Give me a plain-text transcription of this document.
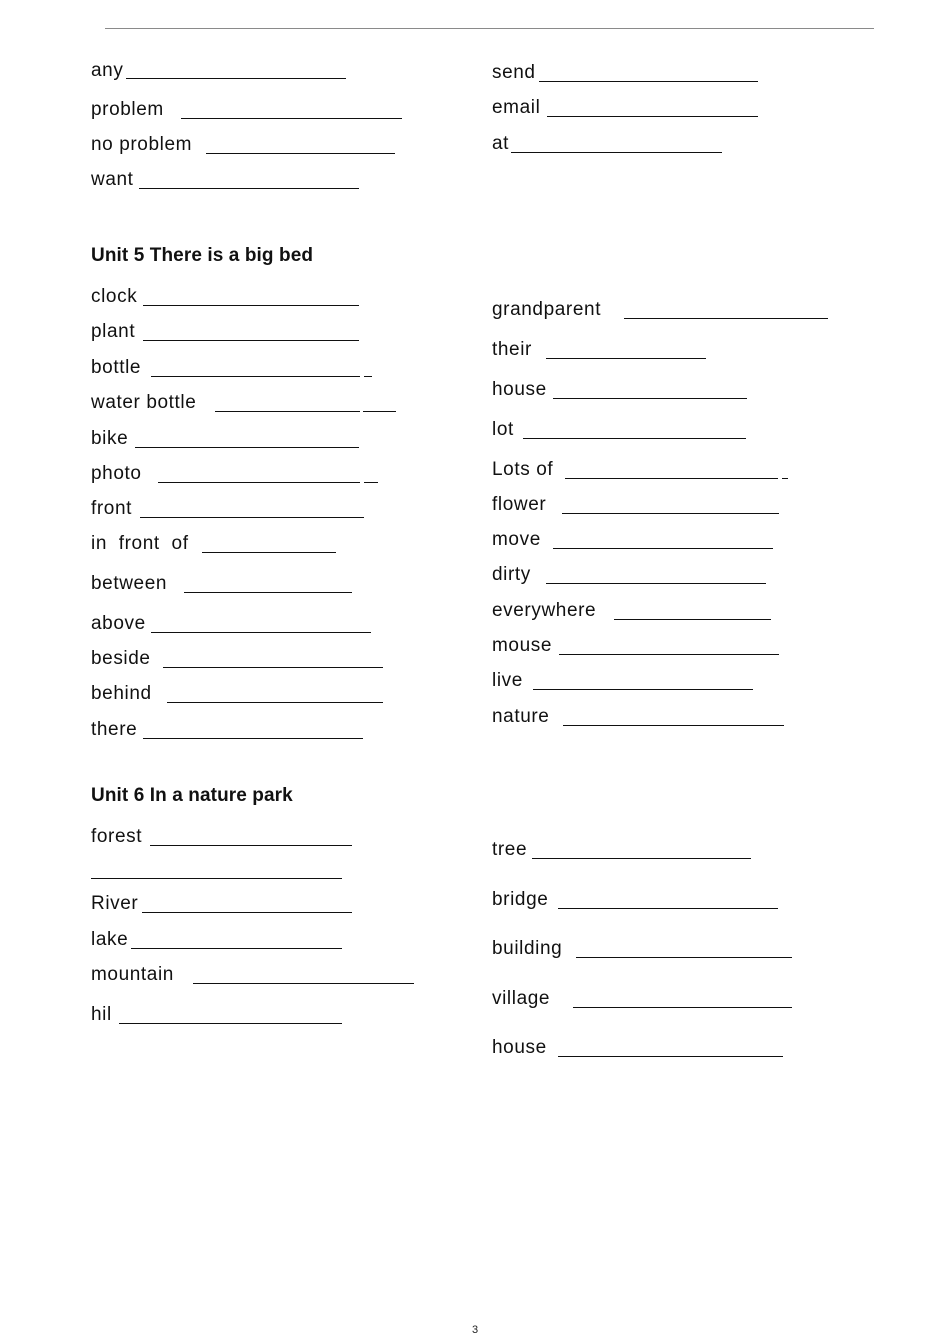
any
problem
no problem
want
send
email
at
Unit 5 There is a big bed
clock
plant
bottle
water bottle
bike
photo
front
in  front  of
between
above
beside
behind
there
grandparent
their
house
lot
Lots of
flower
move
dirty
everywhere
mouse
live
nature
Unit 6 In a nature park
forest
River
lake
mountain
hil
tree
bridge
building
village
house
3
